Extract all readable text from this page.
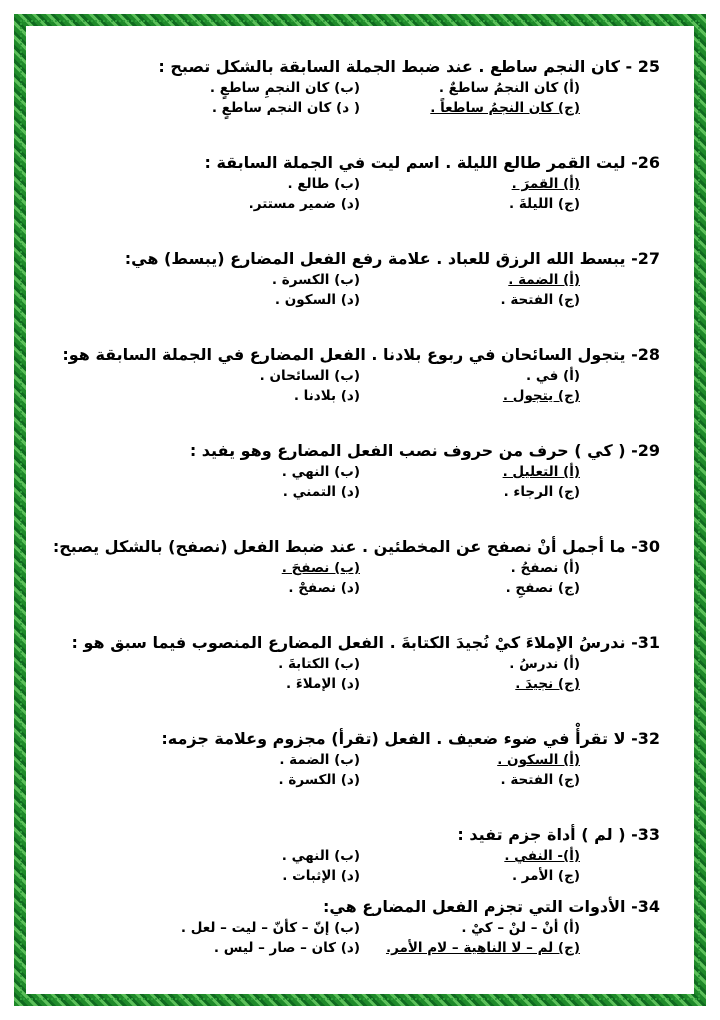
25 - كان النجم ساطع . عند ضبط الجملة السابقة بالشكل تصبح :
(أ) كان النجمُ ساطعٌ .
(ب) كان النجمِ ساطعٍ .
(ج) كان النجمُ ساطعاً .
( د) كان النجم ساطعٍ .
26- ليت القمر طالع الليلة . اسم ليت في الجملة السابقة :
(أ) القمرَ .
(ب) طالع .
(ج) الليلةَ .
(د) ضمير مستتر.
27- يبسط الله الرزق للعباد . علامة رفع الفعل المضارع (يبسط) هي:
(أ) الضمة .
(ب) الكسرة .
(ج) الفتحة .
(د) السكون .
28- يتجول السائحان في ربوع بلادنا . الفعل المضارع في الجملة السابقة هو:
(أ) في .
(ب) السائحان .
(ج) يتجول .
(د) بلادنا .
29- ( كي ) حرف من حروف نصب الفعل المضارع وهو يفيد :
(أ) التعليل .
(ب) النهي .
(ج) الرجاء .
(د) التمني .
30- ما أجمل أنْ نصفح عن المخطئين . عند ضبط الفعل (نصفح) بالشكل يصبح:
(أ) نصفحُ .
(ب) نصفحَ .
(ج) نصفحِ .
(د) نصفحْ .
31- ندرسُ الإملاءَ كيْ نُجيدَ الكتابةَ . الفعل المضارع المنصوب فيما سبق هو :
(أ) ندرسُ .
(ب) الكتابةَ .
(ج) نجيدَ .
(د) الإملاءَ .
32- لا تقرأْ في ضوء ضعيف . الفعل (تقرأ) مجزوم وعلامة جزمه:
(أ) السكون .
(ب) الضمة .
(ج) الفتحة .
(د) الكسرة .
33- ( لم ) أداة جزم تفيد :
(أ)- النفي .
(ب) النهي .
(ج) الأمر .
(د) الإثبات .
34- الأدوات التي تجزم الفعل المضارع هي:
(أ) أنْ – لنْ – كيْ .
(ب) إنّ – كأنّ – ليت – لعل .
(ج) لم – لا الناهية – لام الأمر.
(د) كان – صار – ليس .
